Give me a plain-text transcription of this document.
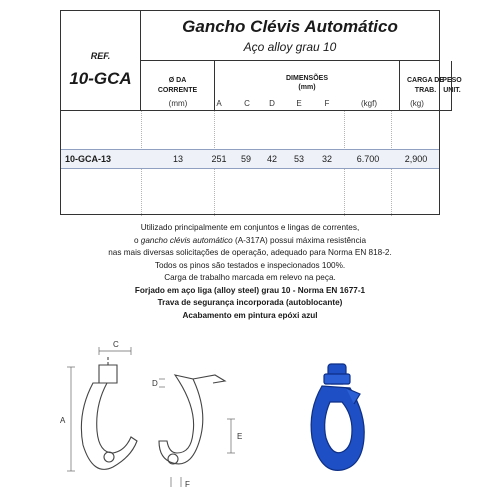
REF.
10-GCA
Gancho Clévis Automático
Aço alloy grau 10
Ø DA
CORRENTE
DIMENSÕES
(mm)
CARGA DE
TRAB.
PESO
UNIT.
(mm)	A	C	D	E	F	(kgf)	(kg)
10-GCA-13	13	251	59	42	53	32	6.700	2,900
Utilizado principalmente em conjuntos e lingas de correntes,
o gancho clévis automático (A-317A) possui máxima resistência
nas mais diversas solicitações de operação, adequado para Norma EN 818-2.
Todos os pinos são testados e inspecionados 100%.
Carga de trabalho marcada em relevo na peça.
Forjado em aço liga (alloy steel) grau 10 - Norma EN 1677-1
Trava de segurança incorporada (autoblocante)
Acabamento em pintura epóxi azul
A
C
D
E
F
